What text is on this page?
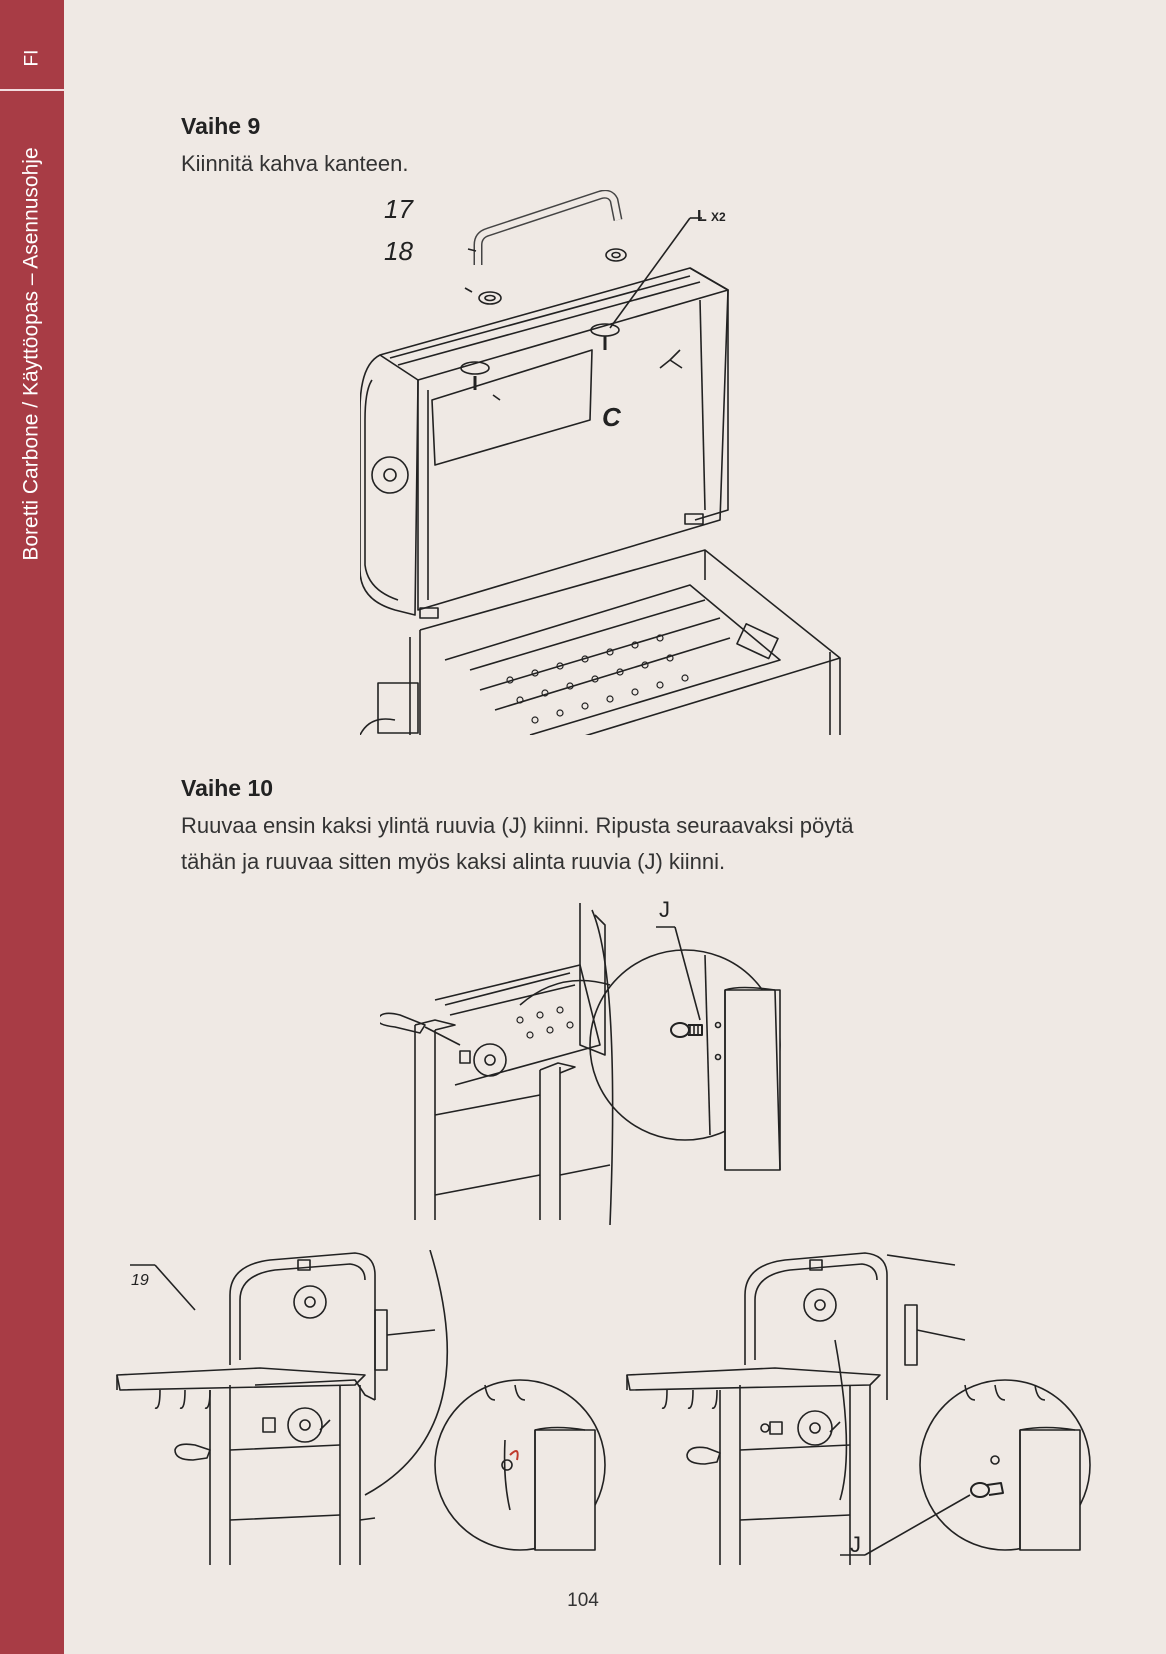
FI
Boretti Carbone / Käyttöopas – Asennusohje
Vaihe 9
Kiinnitä kahva kanteen.
17
18
L X2
C
Vaihe 10
Ruuvaa ensin kaksi ylintä ruuvia (J) kiinni. Ripusta seuraavaksi pöytä
tähän ja ruuvaa sitten myös kaksi alinta ruuvia (J) kiinni.
J
19
J
104
